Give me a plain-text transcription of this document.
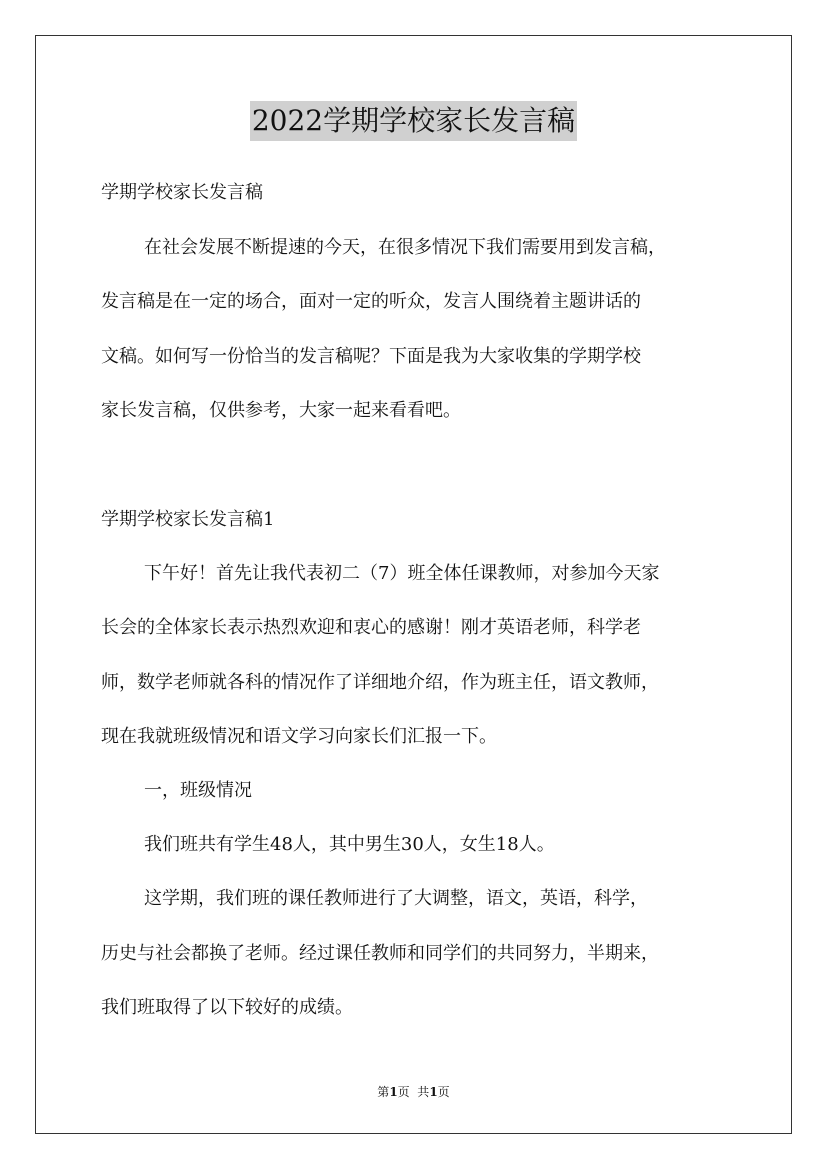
2022学期学校家长发言稿
学期学校家长发言稿
在社会发展不断提速的今天，在很多情况下我们需要用到发言稿，
发言稿是在一定的场合，面对一定的听众，发言人围绕着主题讲话的
文稿。如何写一份恰当的发言稿呢？下面是我为大家收集的学期学校
家长发言稿，仅供参考，大家一起来看看吧。
学期学校家长发言稿1
下午好！首先让我代表初二（7）班全体任课教师，对参加今天家
长会的全体家长表示热烈欢迎和衷心的感谢！刚才英语老师，科学老
师，数学老师就各科的情况作了详细地介绍，作为班主任，语文教师，
现在我就班级情况和语文学习向家长们汇报一下。
一，班级情况
我们班共有学生48人，其中男生30人，女生18人。
这学期，我们班的课任教师进行了大调整，语文，英语，科学，
历史与社会都换了老师。经过课任教师和同学们的共同努力，半期来，
我们班取得了以下较好的成绩。
第1页  共1页
